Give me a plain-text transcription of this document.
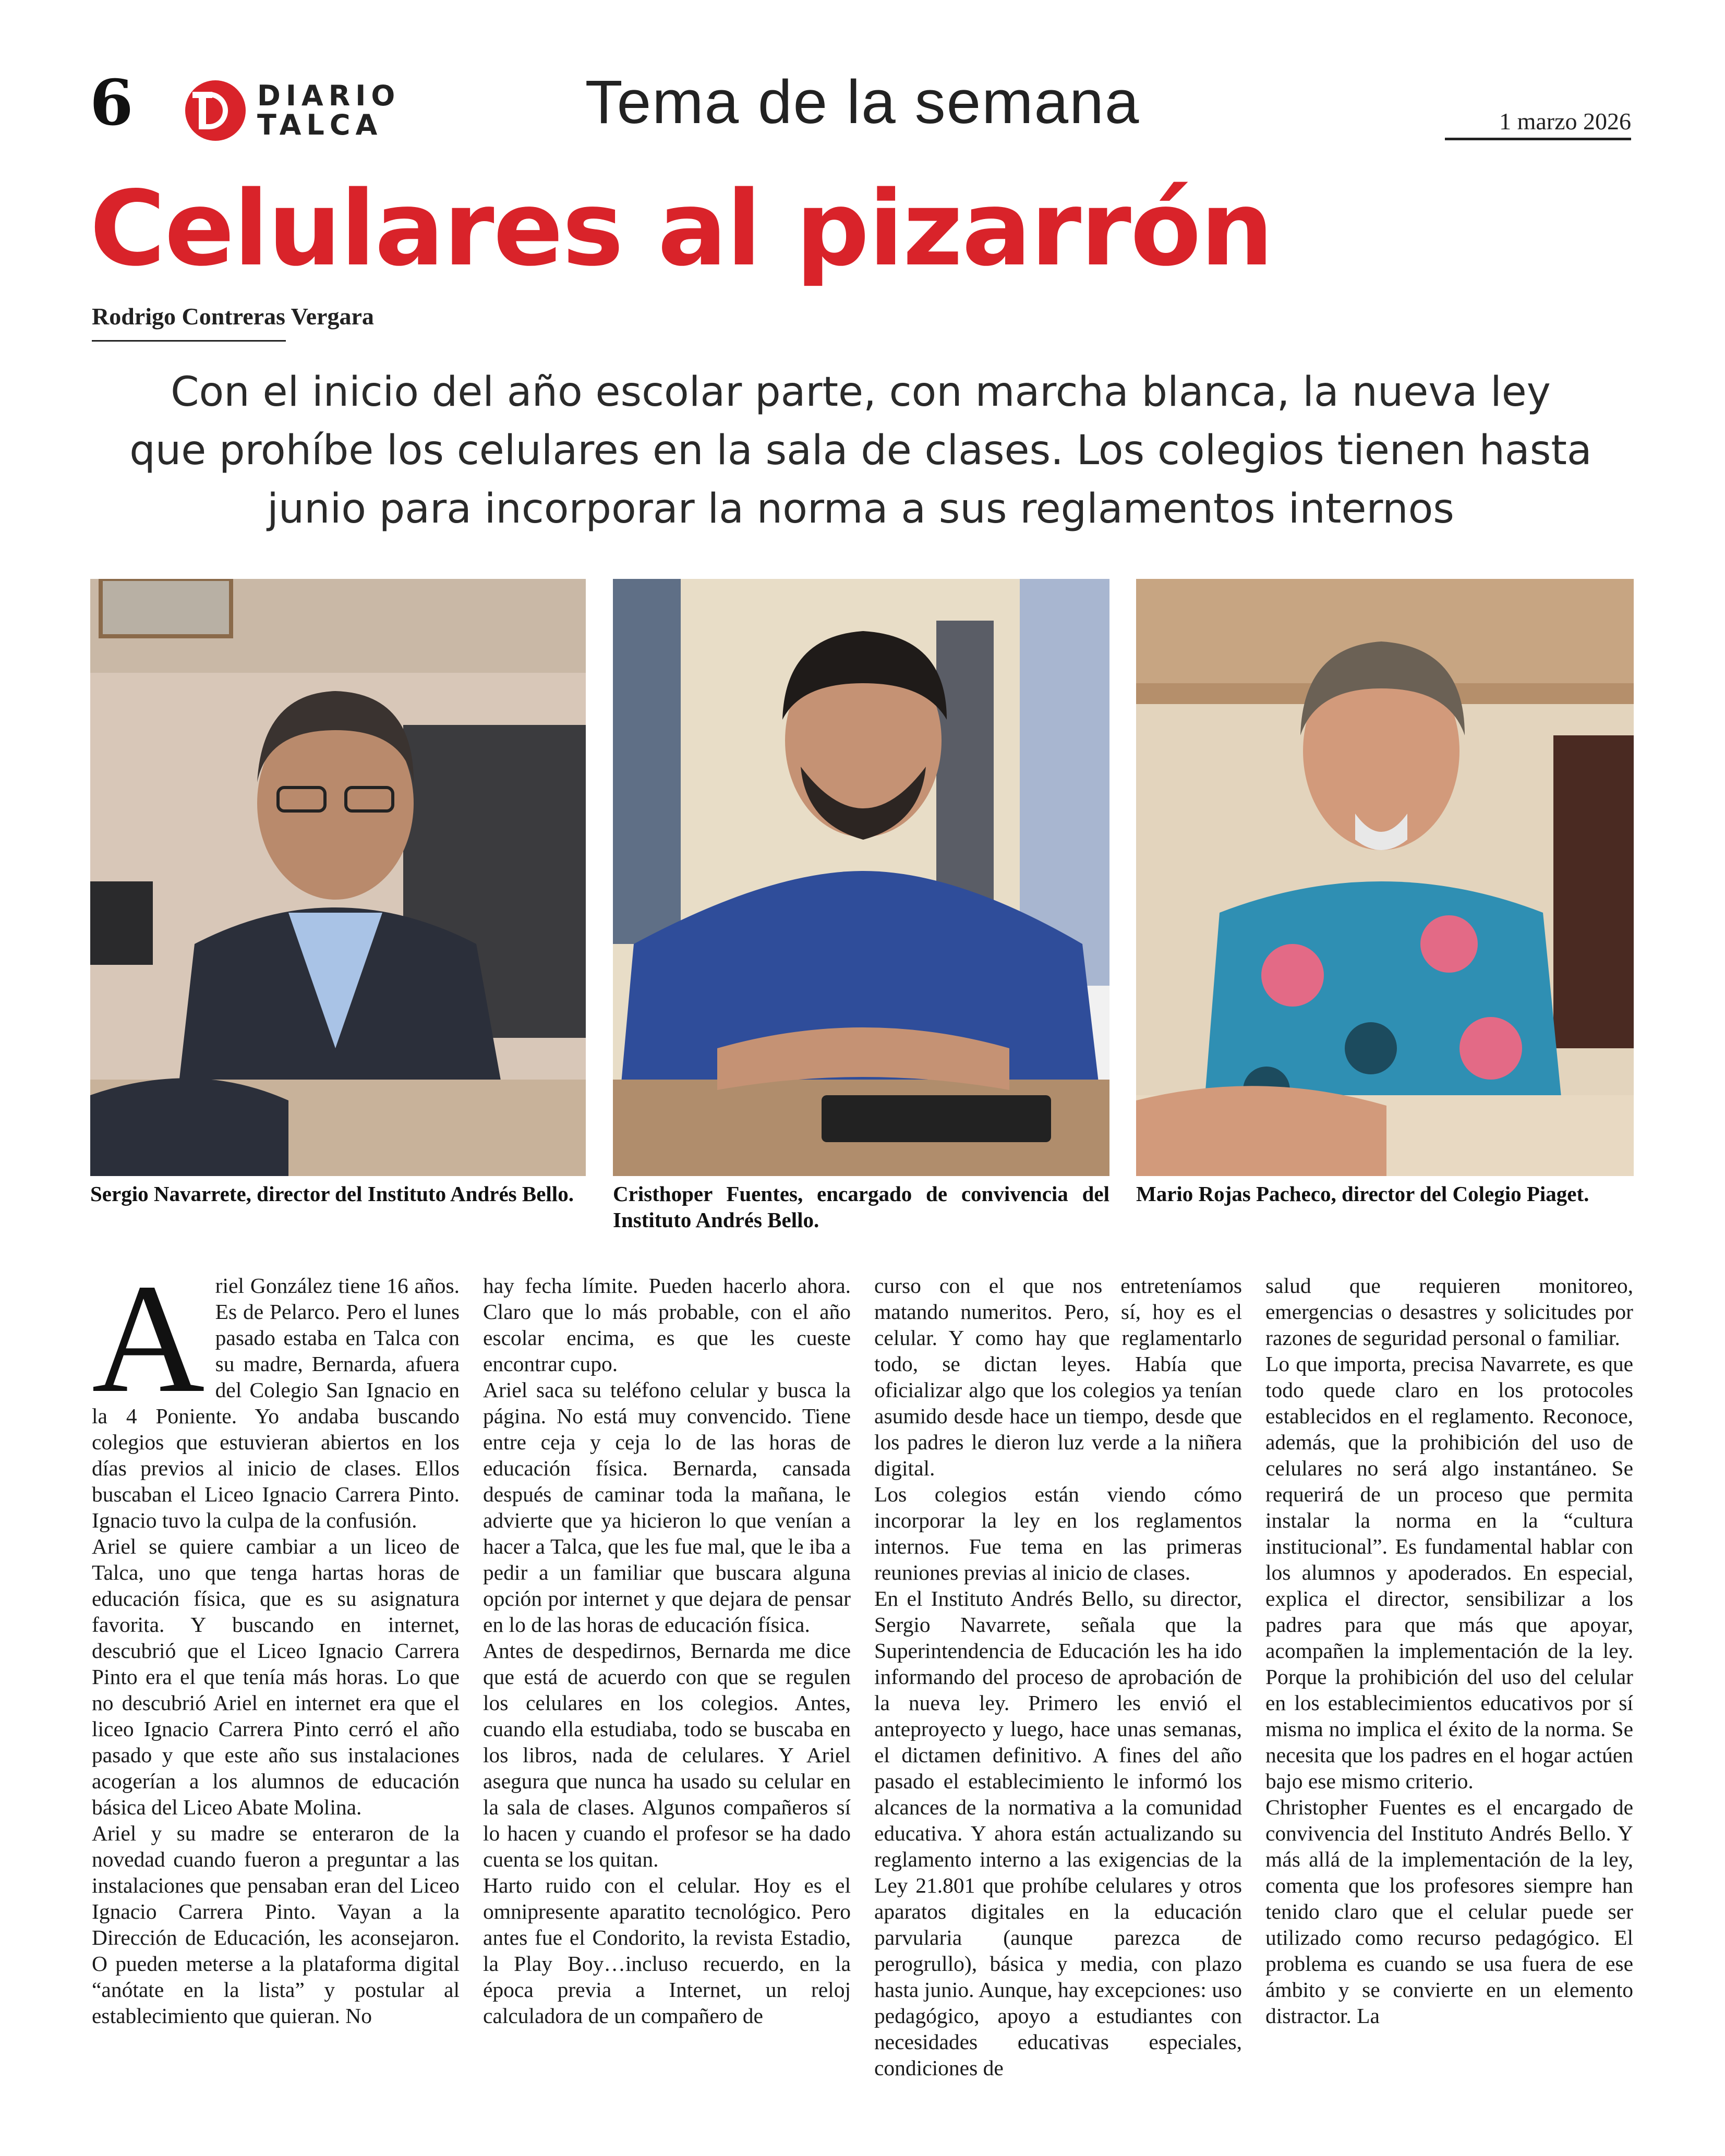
6	DIARIO
TALCA	Tema de la semana	1 marzo 2026
Celulares al pizarrón
Rodrigo Contreras Vergara
Con el inicio del año escolar parte, con marcha blanca, la nueva ley
que prohíbe los celulares en la sala de clases. Los colegios tienen hasta
junio para incorporar la norma a sus reglamentos internos
Sergio Navarrete, director del Instituto Andrés Bello.	Cristhoper Fuentes, encargado de convivencia del Instituto Andrés Bello.
Mario Rojas Pacheco, director del Colegio Piaget.
A riel González tiene 16 años. Es de Pelarco. Pero el lunes pasado estaba en Talca con su madre, Bernarda, afuera del Colegio San Ignacio en la 4 Poniente. Yo andaba buscando colegios que estuvieran abiertos en los días previos al inicio de clases. Ellos buscaban el Liceo Ignacio Carrera Pinto. Ignacio tuvo la culpa de la confusión.

Ariel se quiere cambiar a un liceo de Talca, uno que tenga hartas horas de educación física, que es su asignatura favorita. Y buscando en internet, descubrió que el Liceo Ignacio Carrera Pinto era el que tenía más horas. Lo que no descubrió Ariel en internet era que el liceo Ignacio Carrera Pinto cerró el año pasado y que este año sus instalaciones acogerían a los alumnos de educación básica del Liceo Abate Molina.

Ariel y su madre se enteraron de la novedad cuando fueron a preguntar a las instalaciones que pensaban eran del Liceo Ignacio Carrera Pinto. Vayan a la Dirección de Educación, les aconsejaron. O pueden meterse a la plataforma digital “anótate en la lista” y postular al establecimiento que quieran. No

hay fecha límite. Pueden hacerlo ahora. Claro que lo más probable, con el año escolar encima, es que les cueste encontrar cupo.

Ariel saca su teléfono celular y busca la página. No está muy convencido. Tiene entre ceja y ceja lo de las horas de educación física. Bernarda, cansada después de caminar toda la mañana, le advierte que ya hicieron lo que venían a hacer a Talca, que les fue mal, que le iba a pedir a un familiar que buscara alguna opción por internet y que dejara de pensar en lo de las horas de educación física.

Antes de despedirnos, Bernarda me dice que está de acuerdo con que se regulen los celulares en los colegios. Antes, cuando ella estudiaba, todo se buscaba en los libros, nada de celulares. Y Ariel asegura que nunca ha usado su celular en la sala de clases. Algunos compañeros sí lo hacen y cuando el profesor se ha dado cuenta se los quitan.

Harto ruido con el celular. Hoy es el omnipresente aparatito tecnológico. Pero antes fue el Condorito, la revista Estadio, la Play Boy…incluso recuerdo, en la época previa a Internet, un reloj calculadora de un compañero de

curso con el que nos entreteníamos matando numeritos. Pero, sí, hoy es el celular. Y como hay que reglamentarlo todo, se dictan leyes. Había que oficializar algo que los colegios ya tenían asumido desde hace un tiempo, desde que los padres le dieron luz verde a la niñera digital.

Los colegios están viendo cómo incorporar la ley en los reglamentos internos. Fue tema en las primeras reuniones previas al inicio de clases.

En el Instituto Andrés Bello, su director, Sergio Navarrete, señala que la Superintendencia de Educación les ha ido informando del proceso de aprobación de la nueva ley. Primero les envió el anteproyecto y luego, hace unas semanas, el dictamen definitivo. A fines del año pasado el establecimiento le informó los alcances de la normativa a la comunidad educativa. Y ahora están actualizando su reglamento interno a las exigencias de la Ley 21.801 que prohíbe celulares y otros aparatos digitales en la educación parvularia (aunque parezca de perogrullo), básica y media, con plazo hasta junio. Aunque, hay excepciones: uso pedagógico, apoyo a estudiantes con necesidades educativas especiales, condiciones de

salud que requieren monitoreo, emergencias o desastres y solicitudes por razones de seguridad personal o familiar.

Lo que importa, precisa Navarrete, es que todo quede claro en los protocoles establecidos en el reglamento. Reconoce, además, que la prohibición del uso de celulares no será algo instantáneo. Se requerirá de un proceso que permita instalar la norma en la “cultura institucional”. Es fundamental hablar con los alumnos y apoderados. En especial, explica el director, sensibilizar a los padres para que más que apoyar, acompañen la implementación de la ley. Porque la prohibición del uso del celular en los establecimientos educativos por sí misma no implica el éxito de la norma. Se necesita que los padres en el hogar actúen bajo ese mismo criterio.

Christopher Fuentes es el encargado de convivencia del Instituto Andrés Bello. Y más allá de la implementación de la ley, comenta que los profesores siempre han tenido claro que el celular puede ser utilizado como recurso pedagógico. El problema es cuando se usa fuera de ese ámbito y se convierte en un elemento distractor. La
